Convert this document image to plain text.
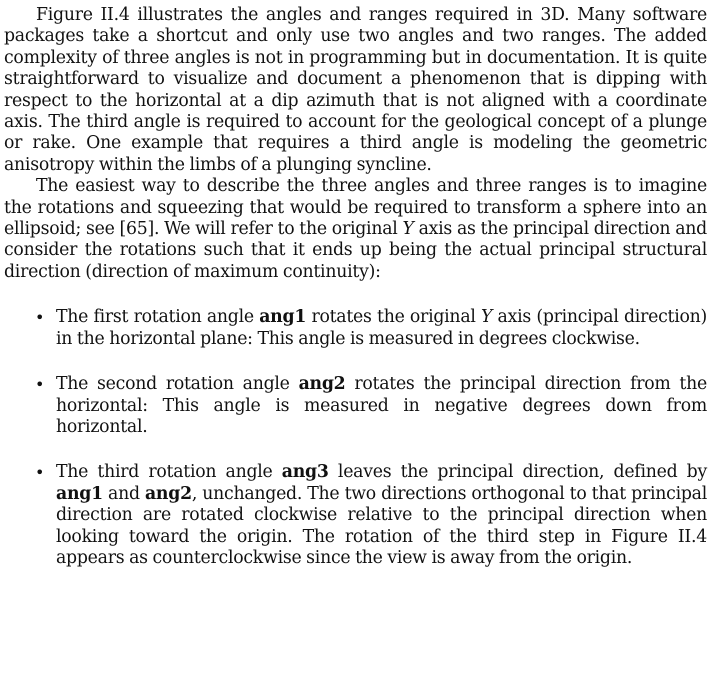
Figure II.4 illustrates the angles and ranges required in 3D. Many software packages take a shortcut and only use two angles and two ranges. The added complexity of three angles is not in programming but in documentation. It is quite straightforward to visualize and document a phenomenon that is dipping with respect to the horizontal at a dip azimuth that is not aligned with a coordinate axis. The third angle is required to account for the geological concept of a plunge or rake. One example that requires a third angle is modeling the geometric anisotropy within the limbs of a plunging syncline.

The easiest way to describe the three angles and three ranges is to imagine the rotations and squeezing that would be required to transform a sphere into an ellipsoid; see [65]. We will refer to the original Y axis as the principal direction and consider the rotations such that it ends up being the actual principal structural direction (direction of maximum continuity):

• The first rotation angle ang1 rotates the original Y axis (principal direction) in the horizontal plane: This angle is measured in degrees clockwise.
• The second rotation angle ang2 rotates the principal direction from the horizontal: This angle is measured in negative degrees down from horizontal.
• The third rotation angle ang3 leaves the principal direction, defined by ang1 and ang2, unchanged. The two directions orthogonal to that principal direction are rotated clockwise relative to the principal direction when looking toward the origin. The rotation of the third step in Figure II.4 appears as counterclockwise since the view is away from the origin.
